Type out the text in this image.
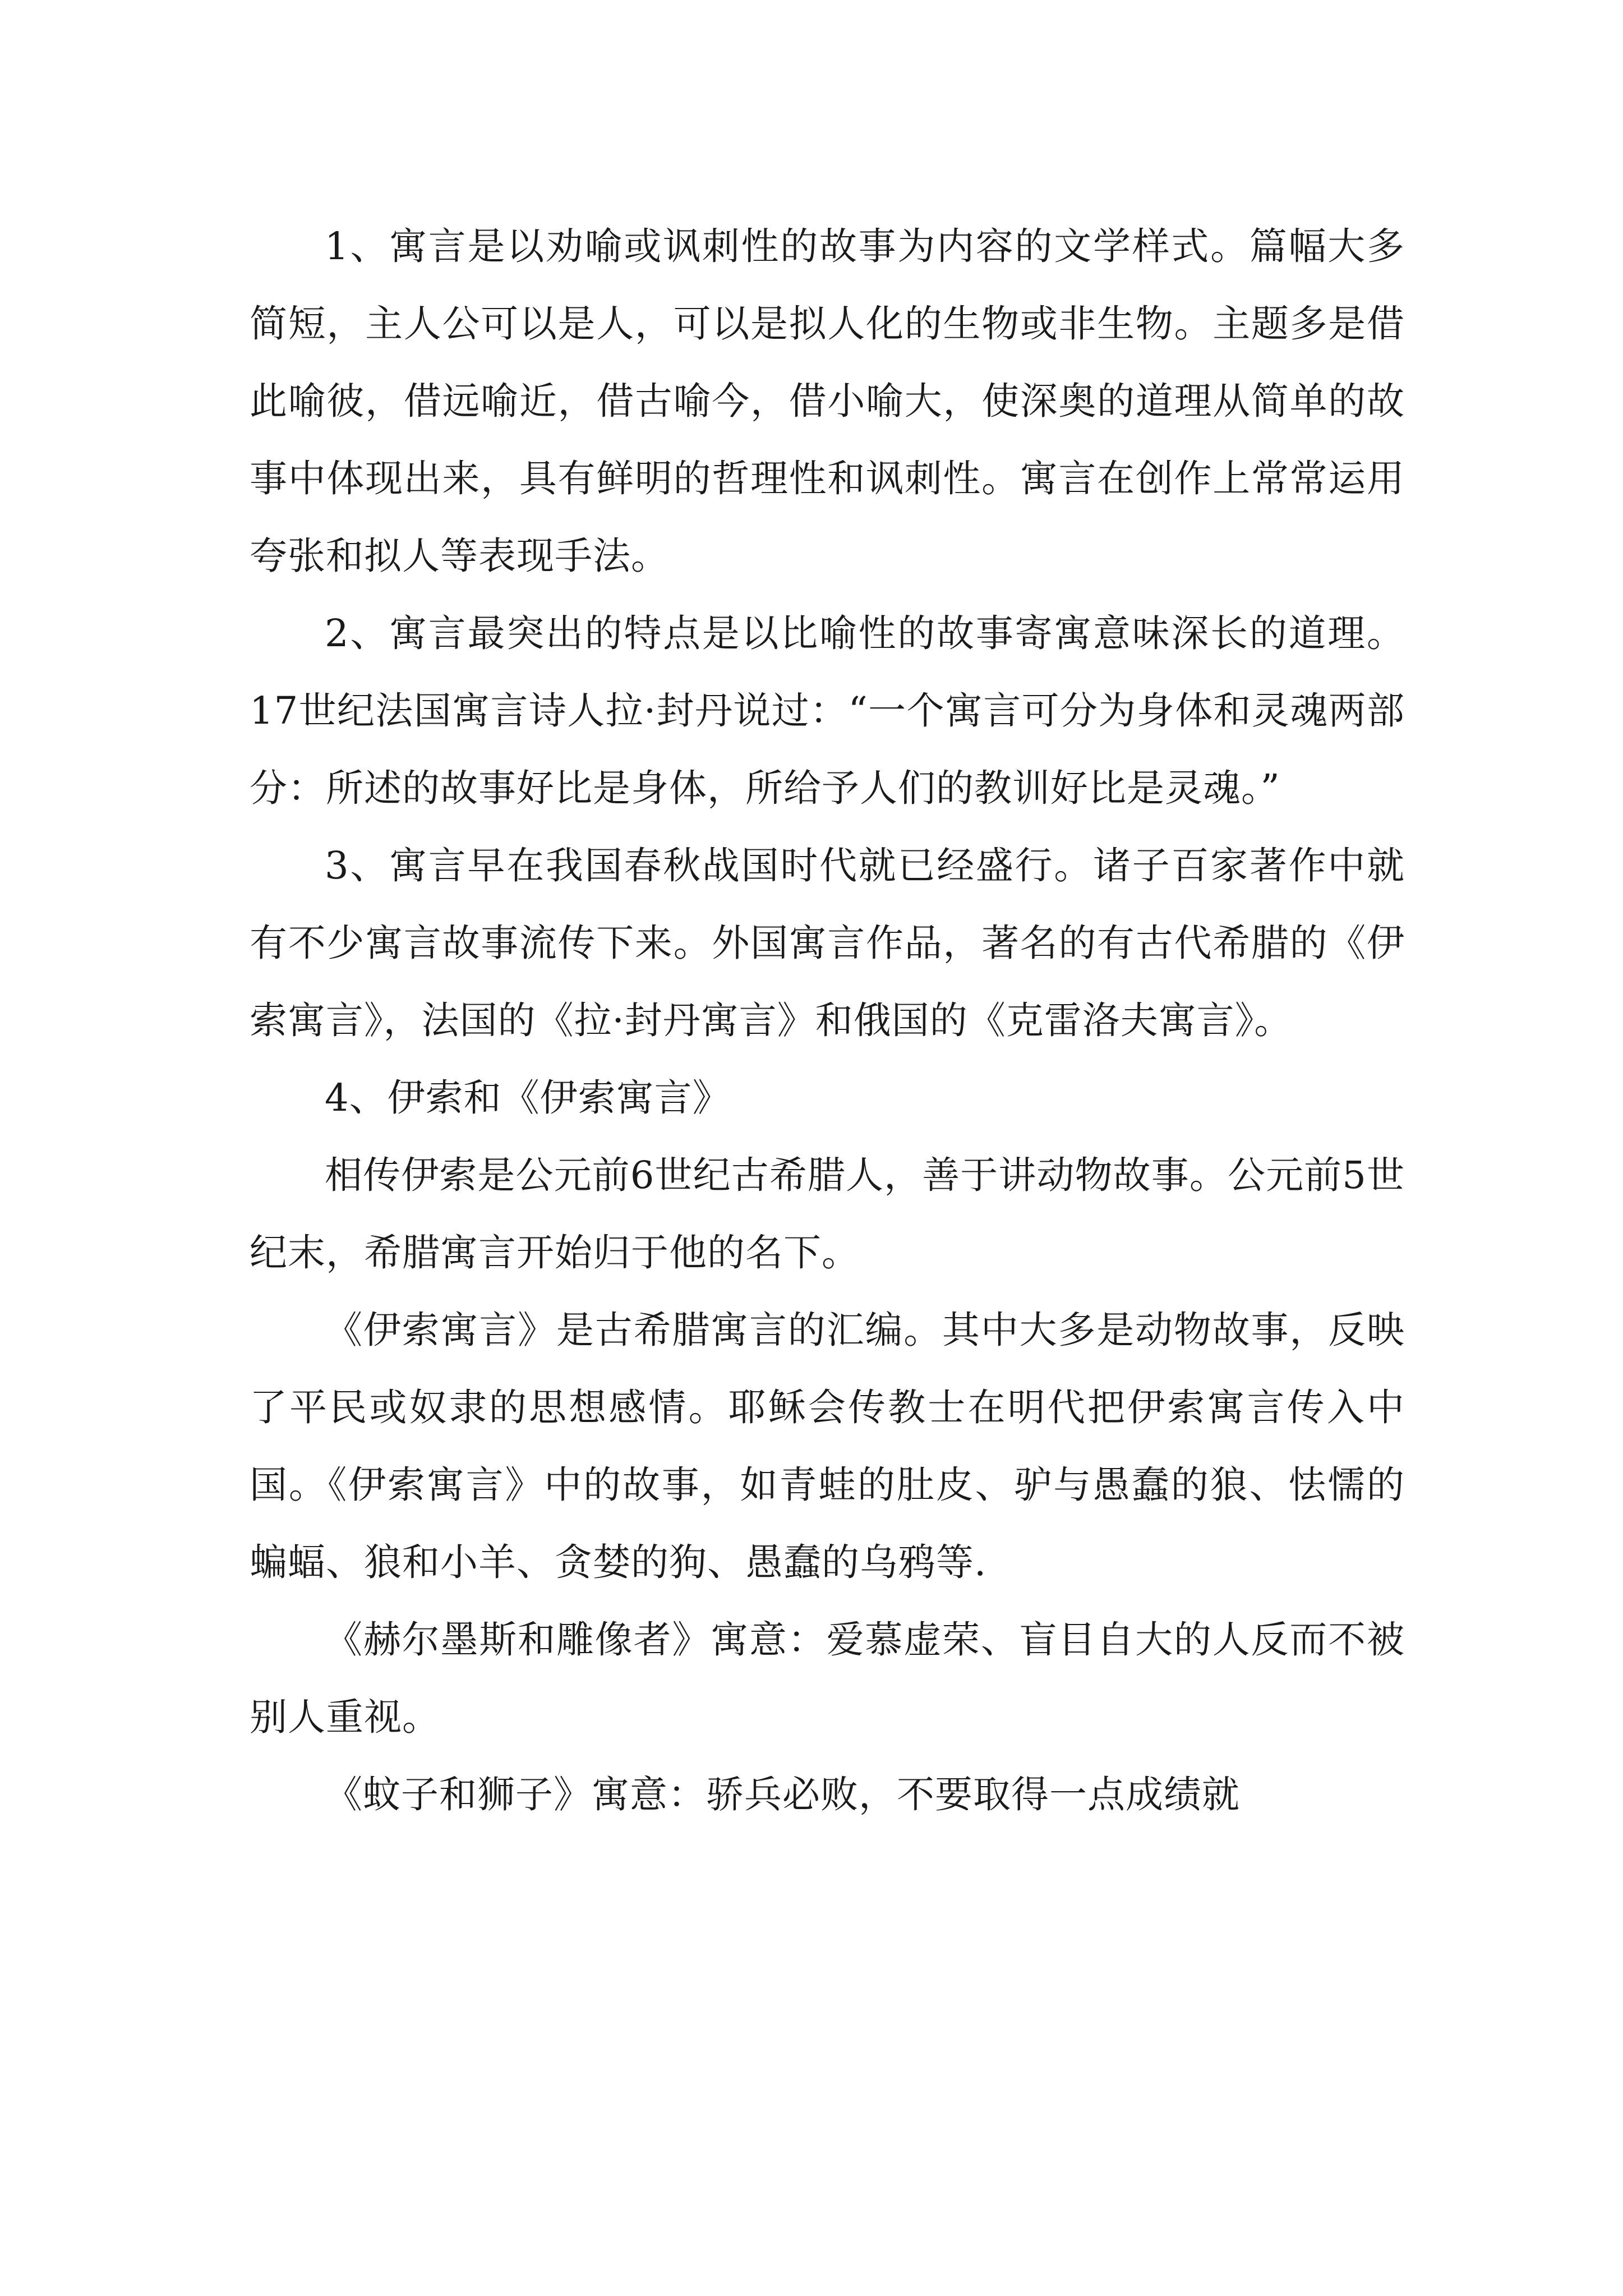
1、寓言是以劝喻或讽刺性的故事为内容的文学样式。篇幅大多简短，主人公可以是人，可以是拟人化的生物或非生物。主题多是借此喻彼，借远喻近，借古喻今，借小喻大，使深奥的道理从简单的故事中体现出来，具有鲜明的哲理性和讽刺性。寓言在创作上常常运用夸张和拟人等表现手法。

2、寓言最突出的特点是以比喻性的故事寄寓意味深长的道理。17世纪法国寓言诗人拉·封丹说过：“一个寓言可分为身体和灵魂两部分：所述的故事好比是身体，所给予人们的教训好比是灵魂。”

3、寓言早在我国春秋战国时代就已经盛行。诸子百家著作中就有不少寓言故事流传下来。外国寓言作品，著名的有古代希腊的《伊索寓言》，法国的《拉·封丹寓言》和俄国的《克雷洛夫寓言》。

4、伊索和《伊索寓言》

相传伊索是公元前6世纪古希腊人，善于讲动物故事。公元前5世纪末，希腊寓言开始归于他的名下。

《伊索寓言》是古希腊寓言的汇编。其中大多是动物故事，反映了平民或奴隶的思想感情。耶稣会传教士在明代把伊索寓言传入中国。《伊索寓言》中的故事，如青蛙的肚皮、驴与愚蠢的狼、怯懦的蝙蝠、狼和小羊、贪婪的狗、愚蠢的乌鸦等.

《赫尔墨斯和雕像者》寓意：爱慕虚荣、盲目自大的人反而不被别人重视。

《蚊子和狮子》寓意：骄兵必败，不要取得一点成绩就
